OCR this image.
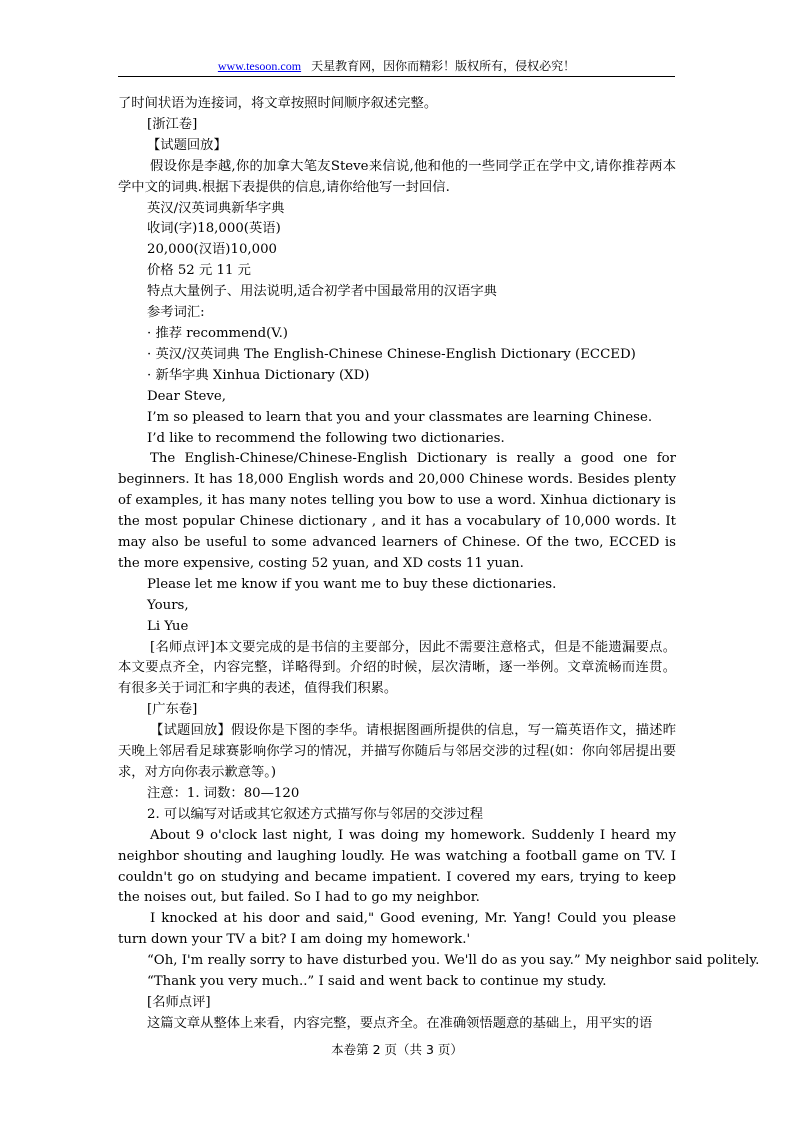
www.tesoon.com 天星教育网，因你而精彩！版权所有，侵权必究！

了时间状语为连接词，将文章按照时间顺序叙述完整。

[浙江卷]

【试题回放】

假设你是李越,你的加拿大笔友Steve来信说,他和他的一些同学正在学中文,请你推荐两本学中文的词典.根据下表提供的信息,请你给他写一封回信.

英汉/汉英词典新华字典

收词(字)18,000(英语)

20,000(汉语)10,000

价格 52 元 11 元

特点大量例子、用法说明,适合初学者中国最常用的汉语字典

参考词汇:

· 推荐 recommend(V.)

· 英汉/汉英词典 The English-Chinese Chinese-English Dictionary (ECCED)

· 新华字典 Xinhua Dictionary (XD)

Dear Steve,

I’m so pleased to learn that you and your classmates are learning Chinese.

I’d like to recommend the following two dictionaries.

The English-Chinese/Chinese-English Dictionary is really a good one for beginners. It has 18,000 English words and 20,000 Chinese words. Besides plenty of examples, it has many notes telling you bow to use a word. Xinhua dictionary is the most popular Chinese dictionary , and it has a vocabulary of 10,000 words. It may also be useful to some advanced learners of Chinese. Of the two, ECCED is the more expensive, costing 52 yuan, and XD costs 11 yuan.

Please let me know if you want me to buy these dictionaries.

Yours,

Li Yue

[名师点评]本文要完成的是书信的主要部分，因此不需要注意格式，但是不能遗漏要点。本文要点齐全，内容完整，详略得到。介绍的时候，层次清晰，逐一举例。文章流畅而连贯。有很多关于词汇和字典的表述，值得我们积累。

[广东卷]

【试题回放】假设你是下图的李华。请根据图画所提供的信息，写一篇英语作文，描述昨天晚上邻居看足球赛影响你学习的情况，并描写你随后与邻居交涉的过程(如：你向邻居提出要求，对方向你表示歉意等。)

注意：1. 词数：80—120

2. 可以编写对话或其它叙述方式描写你与邻居的交涉过程

About 9 o'clock last night, I was doing my homework. Suddenly I heard my neighbor shouting and laughing loudly. He was watching a football game on TV. I couldn't go on studying and became impatient. I covered my ears, trying to keep the noises out, but failed. So I had to go my neighbor.

I knocked at his door and said," Good evening, Mr. Yang! Could you please turn down your TV a bit? I am doing my homework.'

“Oh, I'm really sorry to have disturbed you. We'll do as you say.” My neighbor said politely.

“Thank you very much..” I said and went back to continue my study.

[名师点评]

这篇文章从整体上来看，内容完整，要点齐全。在准确领悟题意的基础上，用平实的语

本卷第 2 页（共 3 页）
